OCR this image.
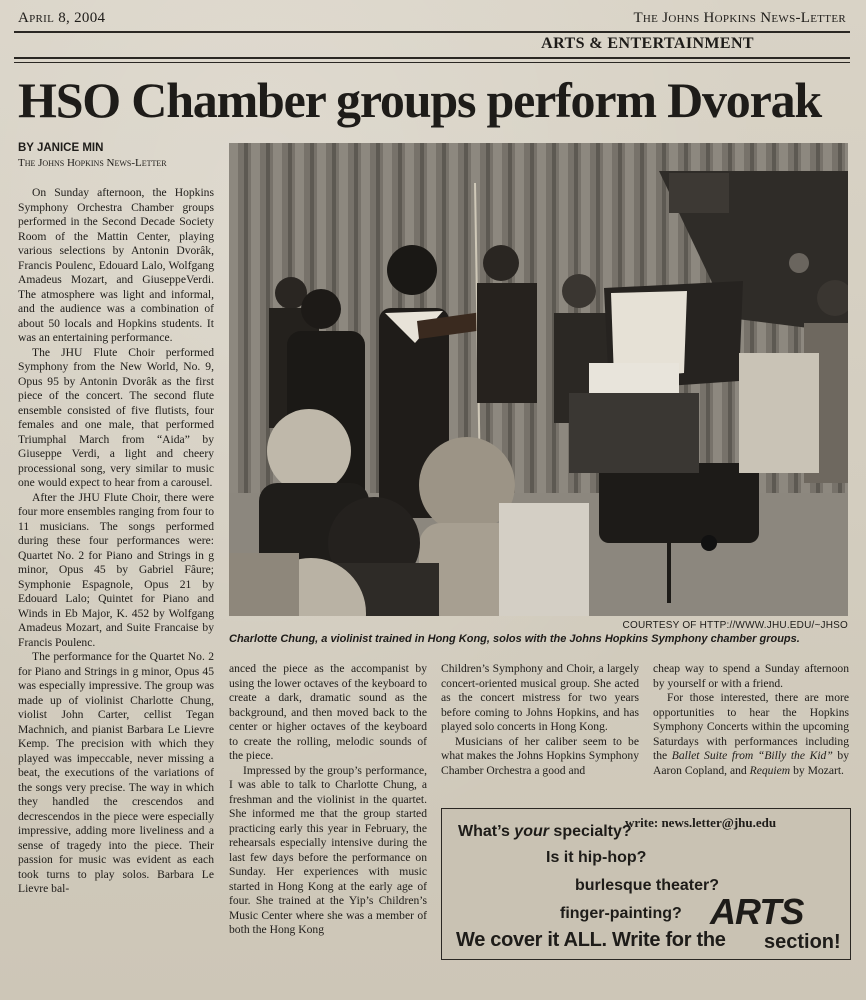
April 8, 2004	The Johns Hopkins News-Letter
ARTS & ENTERTAINMENT
HSO Chamber groups perform Dvorak
BY JANICE MIN
The Johns Hopkins News-Letter
COURTESY OF HTTP://WWW.JHU.EDU/~JHSO
Charlotte Chung, a violinist trained in Hong Kong, solos with the Johns Hopkins Symphony chamber groups.

On Sunday afternoon, the Hopkins Symphony Orchestra Chamber groups performed in the Second Decade Society Room of the Mattin Center, playing various selections by Antonin Dvorâk, Francis Poulenc, Edouard Lalo, Wolfgang Amadeus Mozart, and GiuseppeVerdi. The atmosphere was light and informal, and the audience was a combination of about 50 locals and Hopkins students. It was an entertaining performance.

The JHU Flute Choir performed Symphony from the New World, No. 9, Opus 95 by Antonin Dvorâk as the first piece of the concert. The second flute ensemble consisted of five flutists, four females and one male, that performed Triumphal March from “Aida” by Giuseppe Verdi, a light and cheery processional song, very similar to music one would expect to hear from a carousel.

After the JHU Flute Choir, there were four more ensembles ranging from four to 11 musicians. The songs performed during these four performances were: Quartet No. 2 for Piano and Strings in g minor, Opus 45 by Gabriel Fâure; Symphonie Espagnole, Opus 21 by Edouard Lalo; Quintet for Piano and Winds in Eb Major, K. 452 by Wolfgang Amadeus Mozart, and Suite Francaise by Francis Poulenc.

The performance for the Quartet No. 2 for Piano and Strings in g minor, Opus 45 was especially impressive. The group was made up of violinist Charlotte Chung, violist John Carter, cellist Tegan Machnich, and pianist Barbara Le Lievre Kemp. The precision with which they played was impeccable, never missing a beat, the executions of the variations of the songs very precise. The way in which they handled the crescendos and decrescendos in the piece were especially impressive, adding more liveliness and a sense of tragedy into the piece. Their passion for music was evident as each took turns to play solos. Barbara Le Lievre bal-

anced the piece as the accompanist by using the lower octaves of the keyboard to create a dark, dramatic sound as the background, and then moved back to the center or higher octaves of the keyboard to create the rolling, melodic sounds of the piece.

Impressed by the group’s performance, I was able to talk to Charlotte Chung, a freshman and the violinist in the quartet. She informed me that the group started practicing early this year in February, the rehearsals especially intensive during the last few days before the performance on Sunday. Her experiences with music started in Hong Kong at the early age of four. She trained at the Yip’s Children’s Music Center where she was a member of both the Hong Kong

Children’s Symphony and Choir, a largely concert-oriented musical group. She acted as the concert mistress for two years before coming to Johns Hopkins, and has played solo concerts in Hong Kong.

Musicians of her caliber seem to be what makes the Johns Hopkins Symphony Chamber Orchestra a good and

cheap way to spend a Sunday afternoon by yourself or with a friend.

For those interested, there are more opportunities to hear the Hopkins Symphony Concerts within the upcoming Saturdays with performances including the Ballet Suite from “Billy the Kid” by Aaron Copland, and Requiem by Mozart.

What’s your specialty?
write: news.letter@jhu.edu
Is it hip-hop?
burlesque theater?
finger-painting? ARTS
We cover it ALL. Write for the section!
